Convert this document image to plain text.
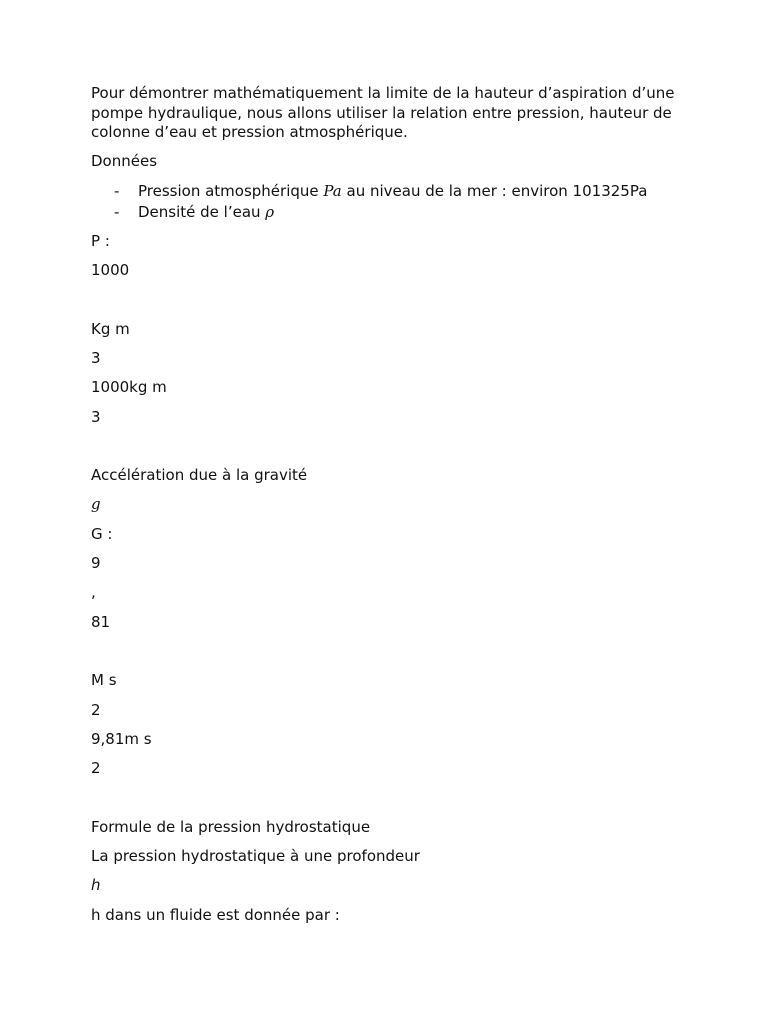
Pour démontrer mathématiquement la limite de la hauteur d’aspiration d’une pompe hydraulique, nous allons utiliser la relation entre pression, hauteur de colonne d’eau et pression atmosphérique.

Données
- Pression atmosphérique Pa au niveau de la mer : environ 101325Pa
- Densité de l’eau ρ
P :
1000
Kg m
3
1000kg m
3
Accélération due à la gravité
g
G :
9
,
81
M s
2
9,81m s
2
Formule de la pression hydrostatique
La pression hydrostatique à une profondeur
h
h dans un fluide est donnée par :
